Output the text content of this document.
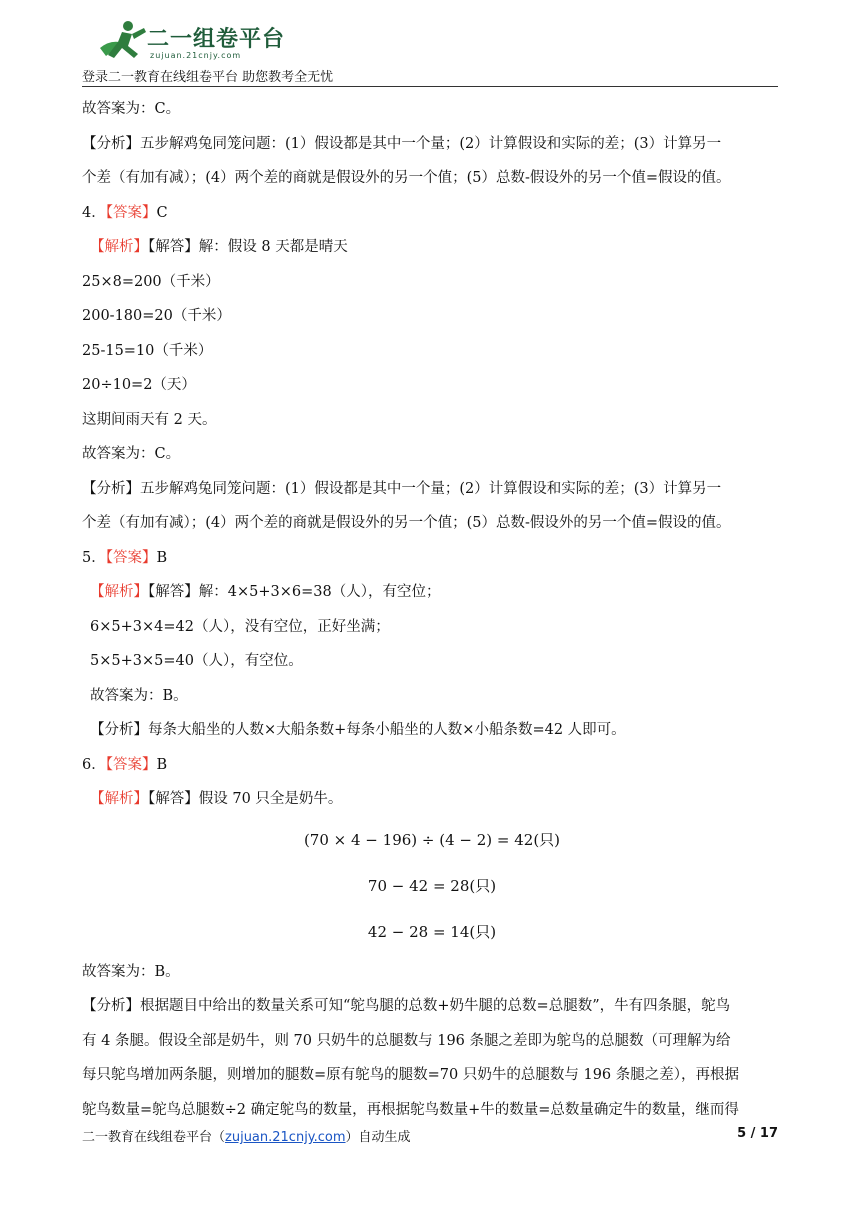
二一组卷平台
zujuan.21cnjy.com
登录二一教育在线组卷平台 助您教考全无忧
故答案为：C。
【分析】五步解鸡兔同笼问题：(1）假设都是其中一个量；(2）计算假设和实际的差；(3）计算另一
个差（有加有减）；(4）两个差的商就是假设外的另一个值；(5）总数-假设外的另一个值=假设的值。
4．【答案】C
【解析】【解答】解：假设 8 天都是晴天
25×8=200（千米）
200-180=20（千米）
25-15=10（千米）
20÷10=2（天）
这期间雨天有 2 天。
故答案为：C。
【分析】五步解鸡兔同笼问题：(1）假设都是其中一个量；(2）计算假设和实际的差；(3）计算另一
个差（有加有减）；(4）两个差的商就是假设外的另一个值；(5）总数-假设外的另一个值=假设的值。
5．【答案】B
【解析】【解答】解：4×5+3×6=38（人），有空位；
6×5+3×4=42（人），没有空位，正好坐满；
5×5+3×5=40（人），有空位。
故答案为：B。
【分析】每条大船坐的人数×大船条数+每条小船坐的人数×小船条数=42 人即可。
6．【答案】B
【解析】【解答】假设 70 只全是奶牛。
(70 × 4 − 196) ÷ (4 − 2) = 42(只)
70 − 42 = 28(只)
42 − 28 = 14(只)
故答案为：B。
【分析】根据题目中给出的数量关系可知“鸵鸟腿的总数+奶牛腿的总数=总腿数”，牛有四条腿，鸵鸟
有 4 条腿。假设全部是奶牛，则 70 只奶牛的总腿数与 196 条腿之差即为鸵鸟的总腿数（可理解为给
每只鸵鸟增加两条腿，则增加的腿数=原有鸵鸟的腿数=70 只奶牛的总腿数与 196 条腿之差），再根据
鸵鸟数量=鸵鸟总腿数÷2 确定鸵鸟的数量，再根据鸵鸟数量+牛的数量=总数量确定牛的数量，继而得
二一教育在线组卷平台（zujuan.21cnjy.com）自动生成	5 / 17
